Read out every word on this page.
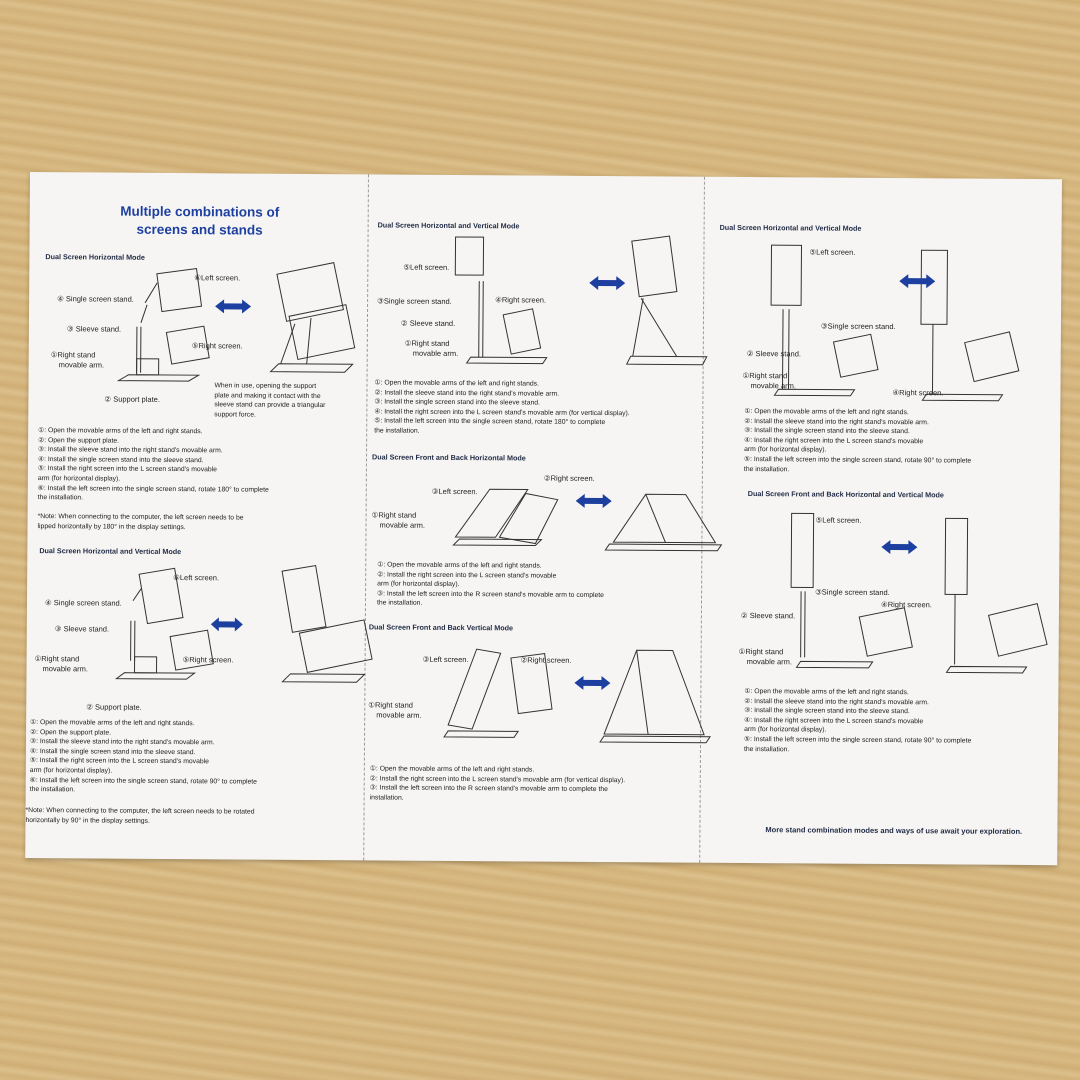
Multiple combinations of
screens and stands
Dual Screen Horizontal Mode
⑥Left screen.
④ Single screen stand.
③ Sleeve stand.
①Right stand
movable arm.
⑤Right screen.
② Support plate.
When in use, opening the support
plate and making it contact with the
sleeve stand can provide a triangular
support force.
①: Open the movable arms of the left and right stands.
②: Open the support plate.
③: Install the sleeve stand into the right stand's movable arm.
④: Install the single screen stand into the sleeve stand.
⑤: Install the right screen into the L screen stand's movable
arm (for horizontal display).
⑥: Install the left screen into the single screen stand, rotate 180° to complete
the installation.
*Note: When connecting to the computer, the left screen needs to be
lipped horizontally by 180° in the display settings.
Dual Screen Horizontal and Vertical Mode
⑥Left screen.
④ Single screen stand.
③ Sleeve stand.
①Right stand
movable arm.
⑤Right screen.
② Support plate.
①: Open the movable arms of the left and right stands.
②: Open the support plate.
③: Install the sleeve stand into the right stand's movable arm.
④: Install the single screen stand into the sleeve stand.
⑤: Install the right screen into the L screen stand's movable
arm (for horizontal display).
⑥: Install the left screen into the single screen stand, rotate 90° to complete
the installation.
*Note: When connecting to the computer, the left screen needs to be rotated
horizontally by 90° in the display settings.
Dual Screen Horizontal and Vertical Mode
⑤Left screen.
③Single screen stand.	④Right screen.
② Sleeve stand.
①Right stand
movable arm.
①: Open the movable arms of the left and right stands.
②: Install the sleeve stand into the right stand's movable arm.
③: Install the single screen stand into the sleeve stand.
④: Install the right screen into the L screen stand's movable arm (for vertical display).
⑤: Install the left screen into the single screen stand, rotate 180° to complete
the installation.
Dual Screen Front and Back Horizontal Mode
②Right screen.
③Left screen.
①Right stand
movable arm.
①: Open the movable arms of the left and right stands.
②: Install the right screen into the L screen stand's movable
arm (for horizontal display).
③: Install the left screen into the R screen stand's movable arm to complete
the installation.
Dual Screen Front and Back Vertical Mode
③Left screen.	②Right screen.
①Right stand
movable arm.
①: Open the movable arms of the left and right stands.
②: Install the right screen into the L screen stand's movable arm (for vertical display).
③: Install the left screen into the R screen stand's movable arm to complete the
installation.
Dual Screen Horizontal and Vertical Mode
⑤Left screen.
③Single screen stand.
② Sleeve stand.
①Right stand
movable arm.
④Right screen.
①: Open the movable arms of the left and right stands.
②: Install the sleeve stand into the right stand's movable arm.
③: Install the single screen stand into the sleeve stand.
④: Install the right screen into the L screen stand's movable
arm (for horizontal display).
⑤: Install the left screen into the single screen stand, rotate 90° to complete
the installation.
Dual Screen Front and Back Horizontal and Vertical Mode
⑤Left screen.
③Single screen stand.
④Right screen.
② Sleeve stand.
①Right stand
movable arm.
①: Open the movable arms of the left and right stands.
②: Install the sleeve stand into the right stand's movable arm.
③: Install the single screen stand into the sleeve stand.
④: Install the right screen into the L screen stand's movable
arm (for horizontal display).
⑤: Install the left screen into the single screen stand, rotate 90° to complete
the installation.
More stand combination modes and ways of use await your exploration.
